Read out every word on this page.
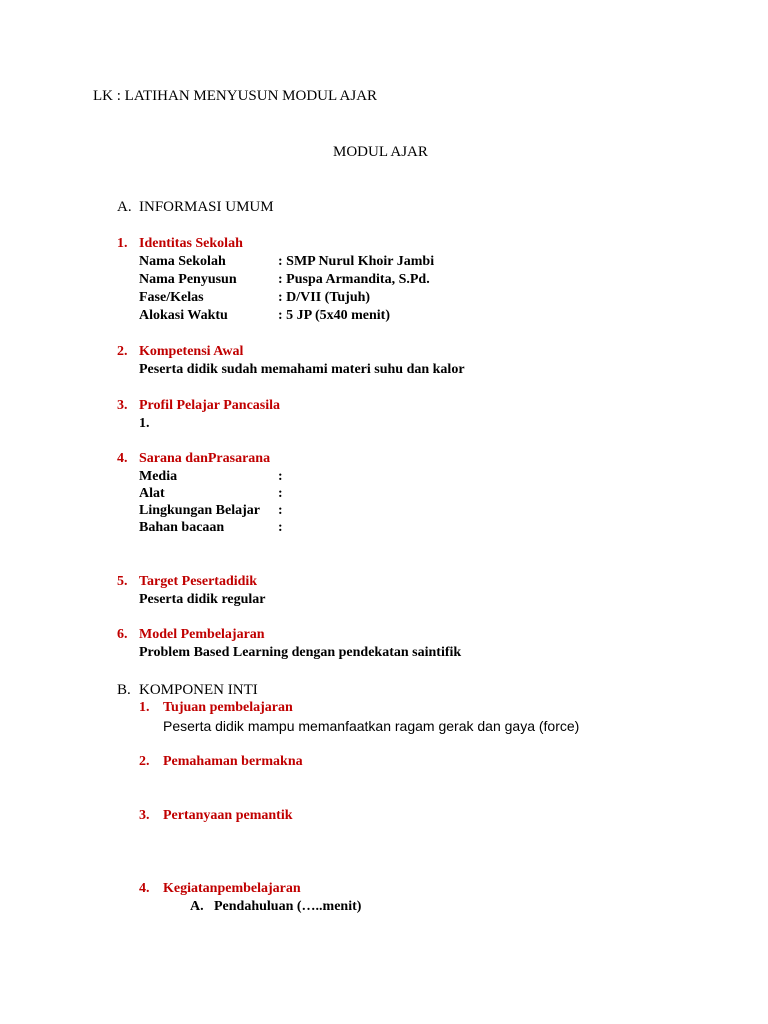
LK : LATIHAN MENYUSUN MODUL AJAR
MODUL AJAR
A. INFORMASI UMUM
1. Identitas Sekolah
Nama Sekolah	: SMP Nurul Khoir Jambi
Nama Penyusun	: Puspa Armandita, S.Pd.
Fase/Kelas	: D/VII (Tujuh)
Alokasi Waktu	: 5 JP (5x40 menit)
2. Kompetensi Awal
Peserta didik sudah memahami materi suhu dan kalor
3. Profil Pelajar Pancasila
1.
4. Sarana danPrasarana
Media	:
Alat	:
Lingkungan Belajar :
Bahan bacaan	:
5. Target Pesertadidik
Peserta didik regular
6. Model Pembelajaran
Problem Based Learning dengan pendekatan saintifik
B. KOMPONEN INTI
1. Tujuan pembelajaran
Peserta didik mampu memanfaatkan ragam gerak dan gaya (force)
2. Pemahaman bermakna
3. Pertanyaan pemantik
4. Kegiatanpembelajaran
A. Pendahuluan (…..menit)
